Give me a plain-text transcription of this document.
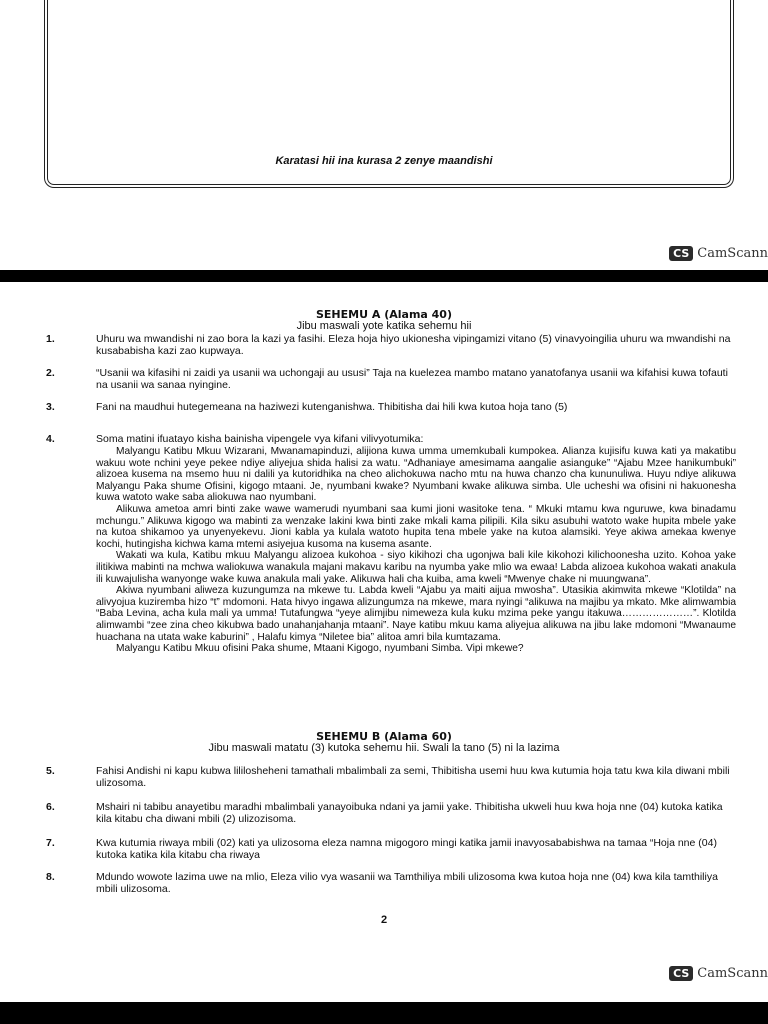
Karatasi hii ina kurasa 2 zenye maandishi
CS CamScann
SEHEMU A (Alama 40)
Jibu maswali yote katika sehemu hii
1.	Uhuru wa mwandishi ni zao bora la kazi ya fasihi. Eleza hoja hiyo ukionesha vipingamizi vitano (5) vinavyoingilia uhuru wa mwandishi na kusababisha kazi zao kupwaya.
2.	“Usanii wa kifasihi ni zaidi ya usanii wa uchongaji au ususi” Taja na kuelezea mambo matano yanatofanya usanii wa kifahisi kuwa tofauti na usanii wa sanaa nyingine.
3.	Fani na maudhui hutegemeana na haziwezi kutenganishwa. Thibitisha dai hili kwa kutoa hoja tano (5)
4.	Soma matini ifuatayo kisha bainisha vipengele vya kifani vilivyotumika:

Malyangu Katibu Mkuu Wizarani, Mwanamapinduzi, alijiona kuwa umma umemkubali kumpokea. Alianza kujisifu kuwa kati ya makatibu wakuu wote nchini yeye pekee ndiye aliyejua shida halisi za watu. “Adhaniaye amesimama aangalie asianguke” “Ajabu Mzee hanikumbuki” alizoea kusema na msemo huu ni dalili ya kutoridhika na cheo alichokuwa nacho mtu na huwa chanzo cha kununuliwa. Huyu ndiye alikuwa Malyangu Paka shume Ofisini, kigogo mtaani. Je, nyumbani kwake? Nyumbani kwake alikuwa simba. Ule ucheshi wa ofisini ni hakuonesha kuwa watoto wake saba aliokuwa nao nyumbani.

Alikuwa ametoa amri binti zake wawe wamerudi nyumbani saa kumi jioni wasitoke tena. “ Mkuki mtamu kwa nguruwe, kwa binadamu mchungu.” Alikuwa kigogo wa mabinti za wenzake lakini kwa binti zake mkali kama pilipili. Kila siku asubuhi watoto wake hupita mbele yake na kutoa shikamoo ya unyenyekevu. Jioni kabla ya kulala watoto hupita tena mbele yake na kutoa alamsiki. Yeye akiwa amekaa kwenye kochi, hutingisha kichwa kama mtemi asiyejua kusoma na kusema asante.

Wakati wa kula, Katibu mkuu Malyangu alizoea kukohoa - siyo kikihozi cha ugonjwa bali kile kikohozi kilichoonesha uzito. Kohoa yake ilitikiwa mabinti na mchwa waliokuwa wanakula majani makavu karibu na nyumba yake mlio wa ewaa! Labda alizoea kukohoa wakati anakula ili kuwajulisha wanyonge wake kuwa anakula mali yake. Alikuwa hali cha kuiba, ama kweli “Mwenye chake ni muungwana”.

Akiwa nyumbani aliweza kuzungumza na mkewe tu. Labda kweli “Ajabu ya maiti aijua mwosha”. Utasikia akimwita mkewe “Klotilda” na alivyojua kuziremba hizo “t” mdomoni. Hata hivyo ingawa alizungumza na mkewe, mara nyingi “alikuwa na majibu ya mkato. Mke alimwambia “Baba Levina, acha kula mali ya umma! Tutafungwa “yeye alimjibu nimeweza kula kuku mzima peke yangu itakuwa…………………”. Klotilda alimwambi “zee zina cheo kikubwa bado unahanjahanja mtaani”. Naye katibu mkuu kama aliyejua alikuwa na jibu lake mdomoni “Mwanaume huachana na utata wake kaburini” , Halafu kimya “Niletee bia” alitoa amri bila kumtazama.

Malyangu Katibu Mkuu ofisini Paka shume, Mtaani Kigogo, nyumbani Simba. Vipi mkewe?

SEHEMU B (Alama 60)
Jibu maswali matatu (3) kutoka sehemu hii. Swali la tano (5) ni la lazima
5.	Fahisi Andishi ni kapu kubwa lililosheheni tamathali mbalimbali za semi, Thibitisha usemi huu kwa kutumia hoja tatu kwa kila diwani mbili ulizosoma.
6.	Mshairi ni tabibu anayetibu maradhi mbalimbali yanayoibuka ndani ya jamii yake. Thibitisha ukweli huu kwa hoja nne (04) kutoka katika kila kitabu cha diwani mbili (2) ulizozisoma.
7.	Kwa kutumia riwaya mbili (02) kati ya ulizosoma eleza namna migogoro mingi katika jamii inavyosababishwa na tamaa “Hoja nne (04) kutoka katika kila kitabu cha riwaya
8.	Mdundo wowote lazima uwe na mlio, Eleza vilio vya wasanii wa Tamthiliya mbili ulizosoma kwa kutoa hoja nne (04) kwa kila tamthiliya mbili ulizosoma.
2
CS CamScann
